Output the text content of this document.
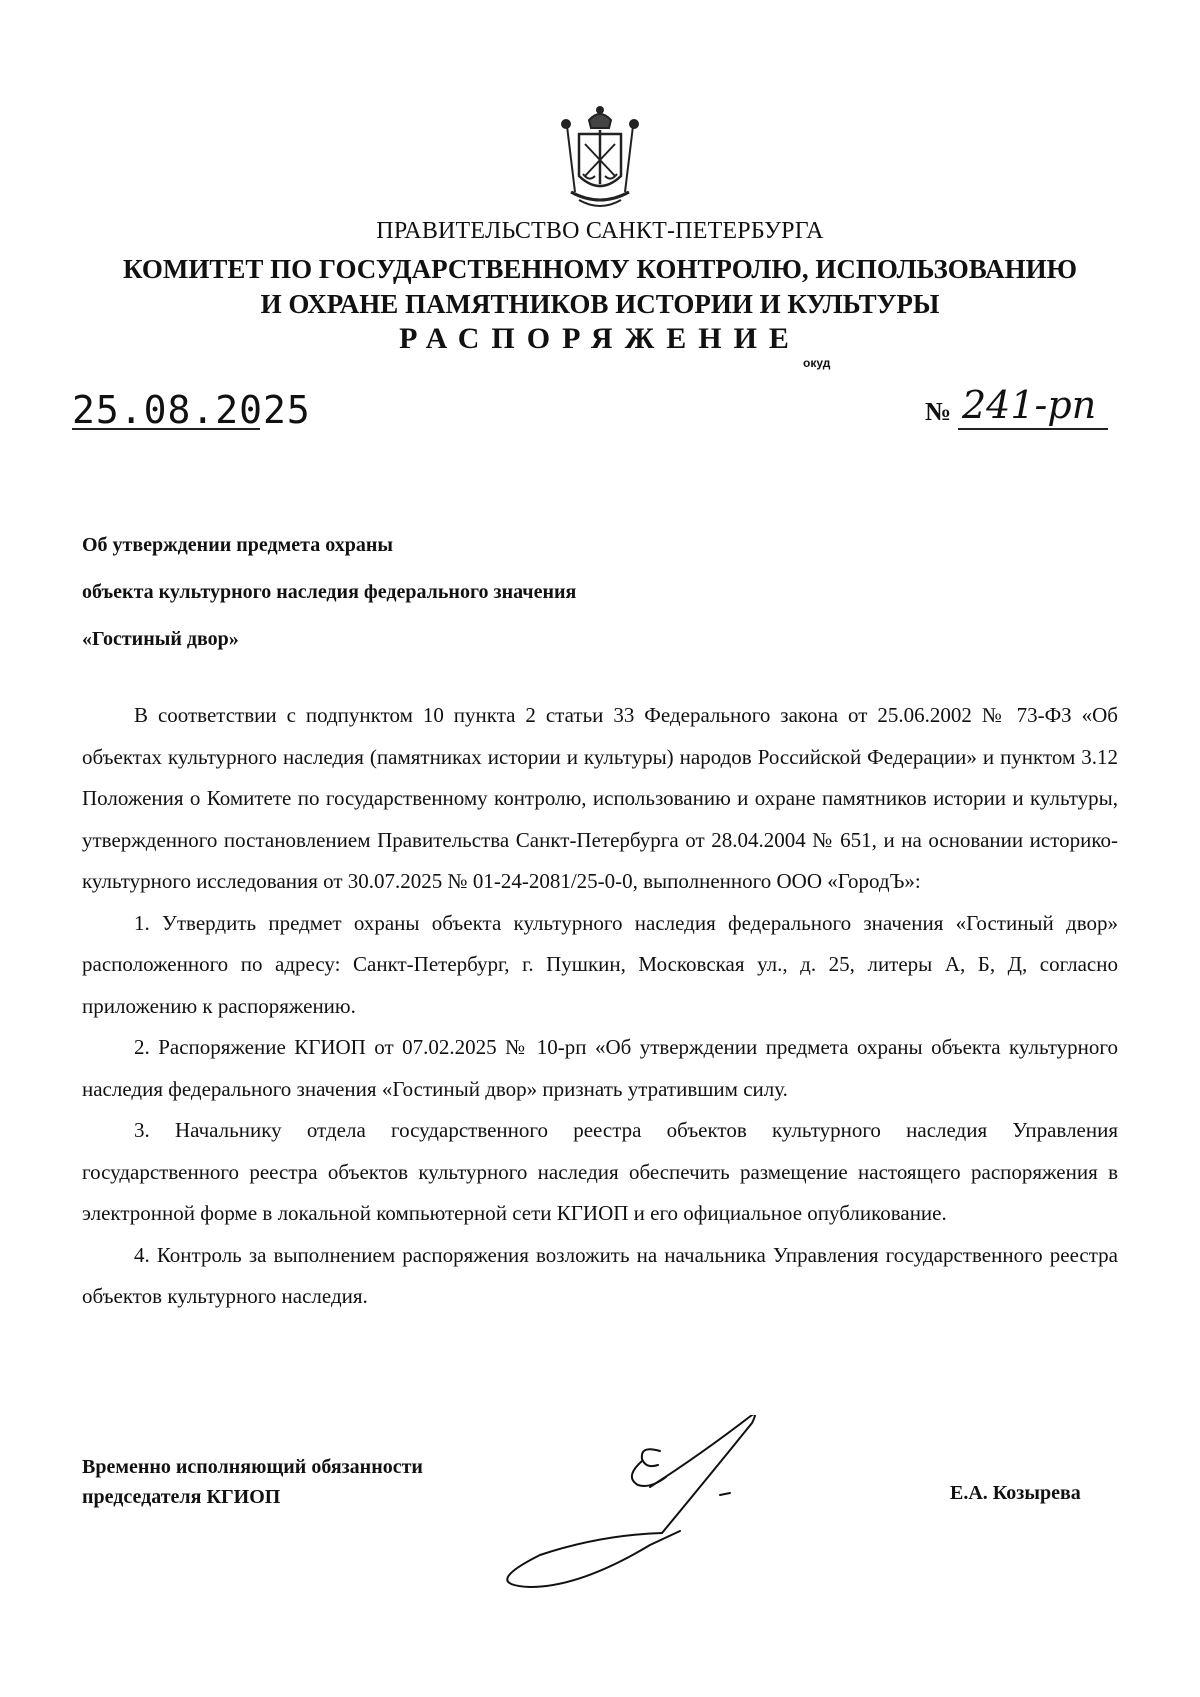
ПРАВИТЕЛЬСТВО САНКТ-ПЕТЕРБУРГА
КОМИТЕТ ПО ГОСУДАРСТВЕННОМУ КОНТРОЛЮ, ИСПОЛЬЗОВАНИЮ
И ОХРАНЕ ПАМЯТНИКОВ ИСТОРИИ И КУЛЬТУРЫ
РАСПОРЯЖЕНИЕ
окуд
25.08.2025	№ 241-рп
Об утверждении предмета охраны
объекта культурного наследия федерального значения
«Гостиный двор»

В соответствии с подпунктом 10 пункта 2 статьи 33 Федерального закона от 25.06.2002 № 73-ФЗ «Об объектах культурного наследия (памятниках истории и культуры) народов Российской Федерации» и пунктом 3.12 Положения о Комитете по государственному контролю, использованию и охране памятников истории и культуры, утвержденного постановлением Правительства Санкт-Петербурга от 28.04.2004 № 651, и на основании историко-культурного исследования от 30.07.2025 № 01-24-2081/25-0-0, выполненного ООО «ГородЪ»:

1. Утвердить предмет охраны объекта культурного наследия федерального значения «Гостиный двор» расположенного по адресу: Санкт-Петербург, г. Пушкин, Московская ул., д. 25, литеры А, Б, Д, согласно приложению к распоряжению.

2. Распоряжение КГИОП от 07.02.2025 № 10-рп «Об утверждении предмета охраны объекта культурного наследия федерального значения «Гостиный двор» признать утратившим силу.

3. Начальнику отдела государственного реестра объектов культурного наследия Управления государственного реестра объектов культурного наследия обеспечить размещение настоящего распоряжения в электронной форме в локальной компьютерной сети КГИОП и его официальное опубликование.

4. Контроль за выполнением распоряжения возложить на начальника Управления государственного реестра объектов культурного наследия.

Временно исполняющий обязанности
председателя КГИОП	Е.А. Козырева
